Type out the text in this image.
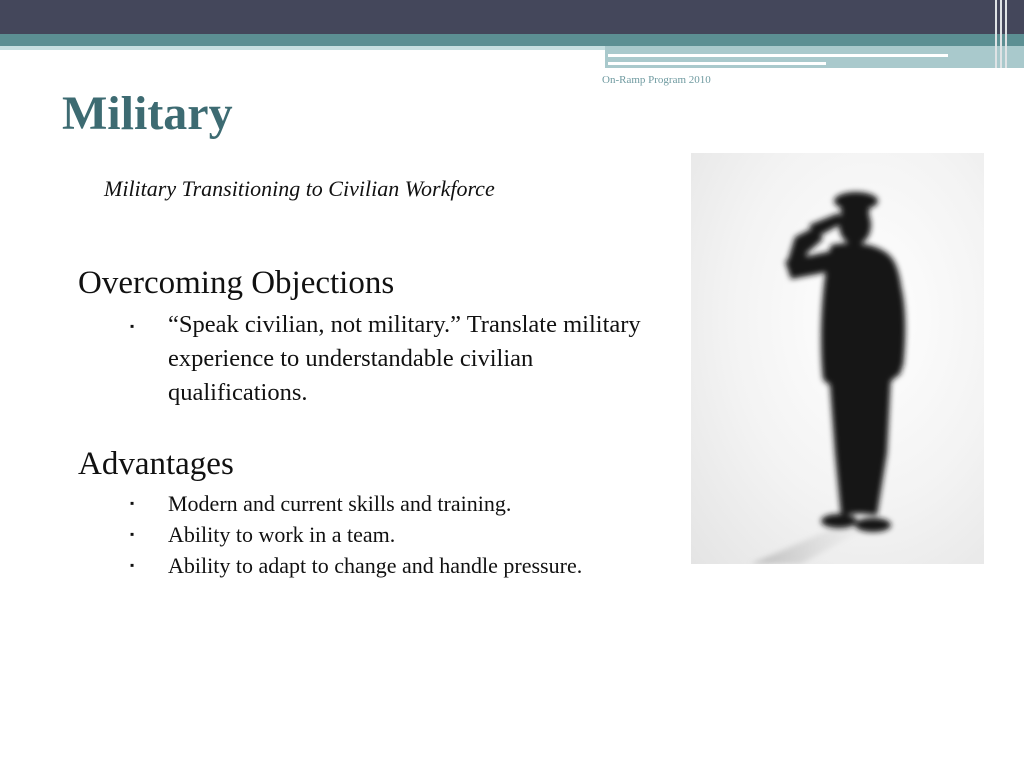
On-Ramp Program 2010
Military
Military Transitioning to Civilian Workforce
Overcoming Objections
▪ “Speak civilian, not military.” Translate military experience to understandable civilian qualifications.
Advantages
▪ Modern and current skills and training.
▪ Ability to work in a team.
▪ Ability to adapt to change and handle pressure.
